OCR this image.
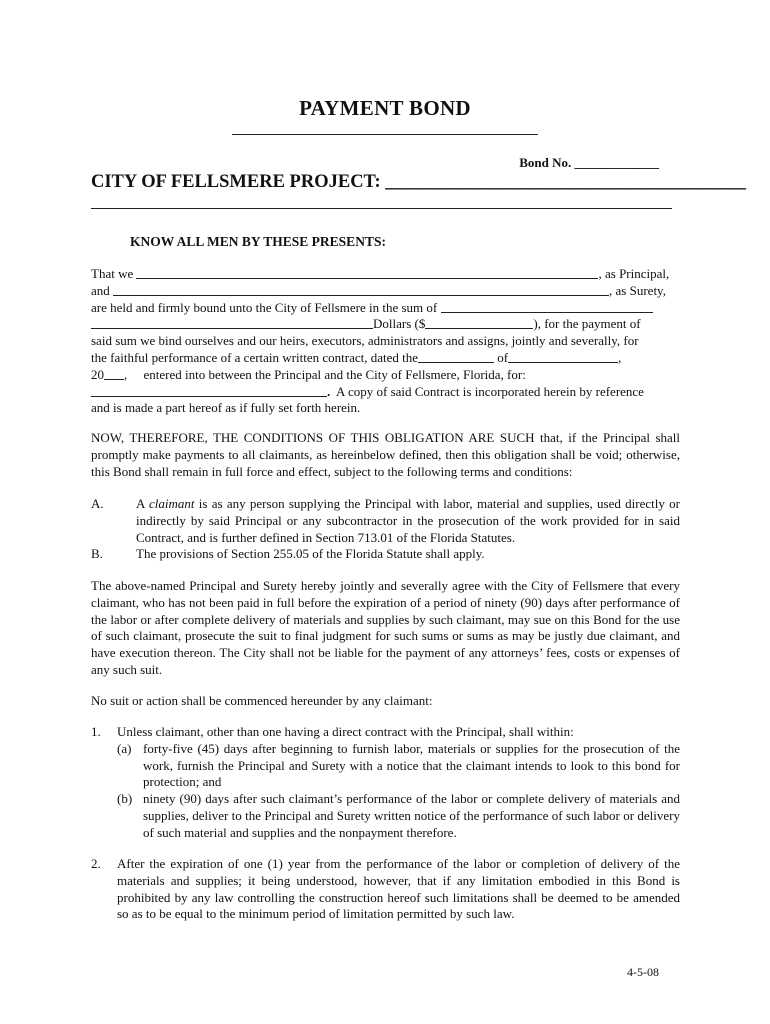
PAYMENT BOND
Bond No. _____________
CITY OF FELLSMERE PROJECT: _______________________________________
KNOW ALL MEN BY THESE PRESENTS:
That we	, as Principal,
and	, as Surety,
are held and firmly bound unto the City of Fellsmere in the sum of
Dollars ($	), for the payment of
said sum we bind ourselves and our heirs, executors, administrators and assigns, jointly and severally, for
the faithful performance of a certain written contract, dated the	of	,
20 , entered into between the Principal and the City of Fellsmere, Florida, for:
. A copy of said Contract is incorporated herein by reference
and is made a part hereof as if fully set forth herein.
NOW, THEREFORE, THE CONDITIONS OF THIS OBLIGATION ARE SUCH that, if the Principal shall promptly make payments to all claimants, as hereinbelow defined, then this obligation shall be void; otherwise, this Bond shall remain in full force and effect, subject to the following terms and conditions:
A.	A claimant is as any person supplying the Principal with labor, material and supplies, used directly or indirectly by said Principal or any subcontractor in the prosecution of the work provided for in said Contract, and is further defined in Section 713.01 of the Florida Statutes.
B.	The provisions of Section 255.05 of the Florida Statute shall apply.
The above-named Principal and Surety hereby jointly and severally agree with the City of Fellsmere that every claimant, who has not been paid in full before the expiration of a period of ninety (90) days after performance of the labor or after complete delivery of materials and supplies by such claimant, may sue on this Bond for the use of such claimant, prosecute the suit to final judgment for such sums or sums as may be justly due claimant, and have execution thereon. The City shall not be liable for the payment of any attorneys’ fees, costs or expenses of any such suit.
No suit or action shall be commenced hereunder by any claimant:
1.	Unless claimant, other than one having a direct contract with the Principal, shall within:
(a) forty-five (45) days after beginning to furnish labor, materials or supplies for the prosecution of the work, furnish the Principal and Surety with a notice that the claimant intends to look to this bond for protection; and
(b) ninety (90) days after such claimant’s performance of the labor or complete delivery of materials and supplies, deliver to the Principal and Surety written notice of the performance of such labor or delivery of such material and supplies and the nonpayment therefore.
2.	After the expiration of one (1) year from the performance of the labor or completion of delivery of the materials and supplies; it being understood, however, that if any limitation embodied in this Bond is prohibited by any law controlling the construction hereof such limitations shall be deemed to be amended so as to be equal to the minimum period of limitation permitted by such law.
4-5-08
